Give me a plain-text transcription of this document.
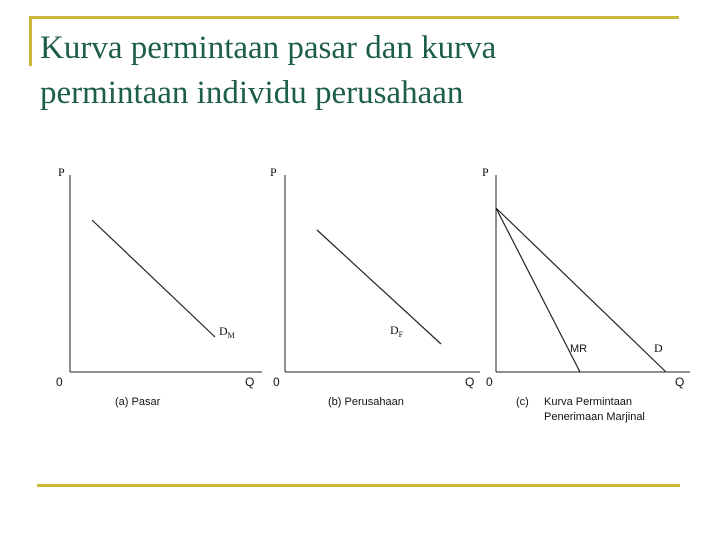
Kurva permintaan pasar dan kurva
permintaan individu perusahaan
P
0	Q
$D_M$
(a) Pasar
P
0	Q
$D_F$
(b) Perusahaan
P
0	Q
MR	D
(c) Kurva Permintaan
Penerimaan Marjinal
